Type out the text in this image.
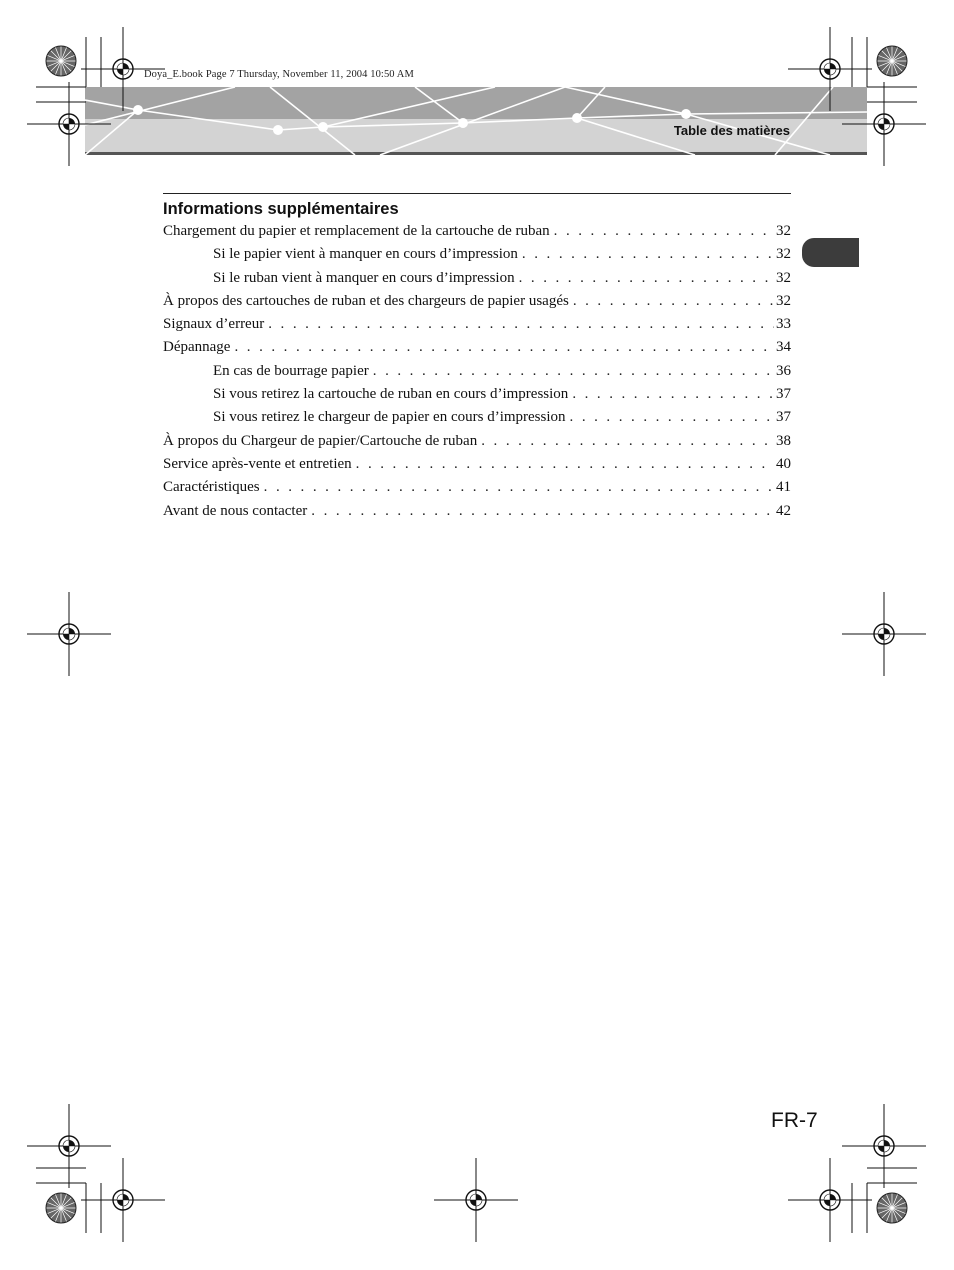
Doya_E.book Page 7 Thursday, November 11, 2004 10:50 AM
Table des matières
Informations supplémentaires
Chargement du papier et remplacement de la cartouche de ruban . . .	32
Si le papier vient à manquer en cours d’impression . . .	32
Si le ruban vient à manquer en cours d’impression . . .	32
À propos des cartouches de ruban et des chargeurs de papier usagés . . .	32
Signaux d’erreur . . .	33
Dépannage . . .	34
En cas de bourrage papier . . .	36
Si vous retirez la cartouche de ruban en cours d’impression . . .	37
Si vous retirez le chargeur de papier en cours d’impression . . .	37
À propos du Chargeur de papier/Cartouche de ruban . . .	38
Service après-vente et entretien . . .	40
Caractéristiques . . .	41
Avant de nous contacter . . .	42
FR-7
